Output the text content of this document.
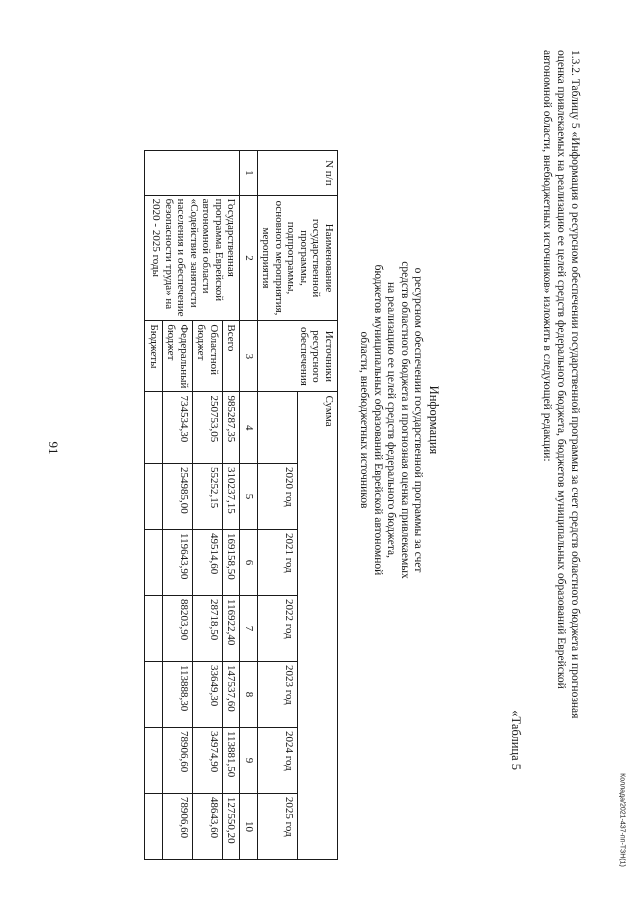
91	1.3.2. Таблицу 5 «Информация о ресурсном обеспечении государственной программы за счет средств областного бюджета и прогнозная
оценка привлекаемых на реализацию ее целей средств федерального бюджета, бюджетов муниципальных образований Еврейской
автономной области, внебюджетных источников» изложить в следующей редакции:
«Таблица 5
Информация
о ресурсном обеспечении государственной программы за счет
средств областного бюджета и прогнозная оценка привлекаемых
на реализацию ее целей средств федерального бюджета,
бюджетов муниципальных образований Еврейской автономной
области, внебюджетных источников
N п/п	Наименование государственной программы, подпрограммы, основного мероприятия, мероприятия	Источники ресурсного обеспечения	Сумма						
				2020 год	2021 год	2022 год	2023 год	2024 год	2025 год
1	2	3	4	5	6	7	8	9	10
	Государственная программа Еврейской автономной области «Содействие занятости населения и обеспечение безопасности труда» на 2020 - 2025 годы	Всего	985287,35	310237,15	169158,50	116922,40	147537,60	113881,50	127550,20
		Областной бюджет	250753,05	55252,15	49514,60	28718,50	33649,30	34974,90	48643,60
		Федеральный бюджет	734534,30	254985,00	119643,90	88203,90	113888,30	78906,60	78906,60
		Бюджеты							
Коллада/2021-437-пп-ТЗН(1)
